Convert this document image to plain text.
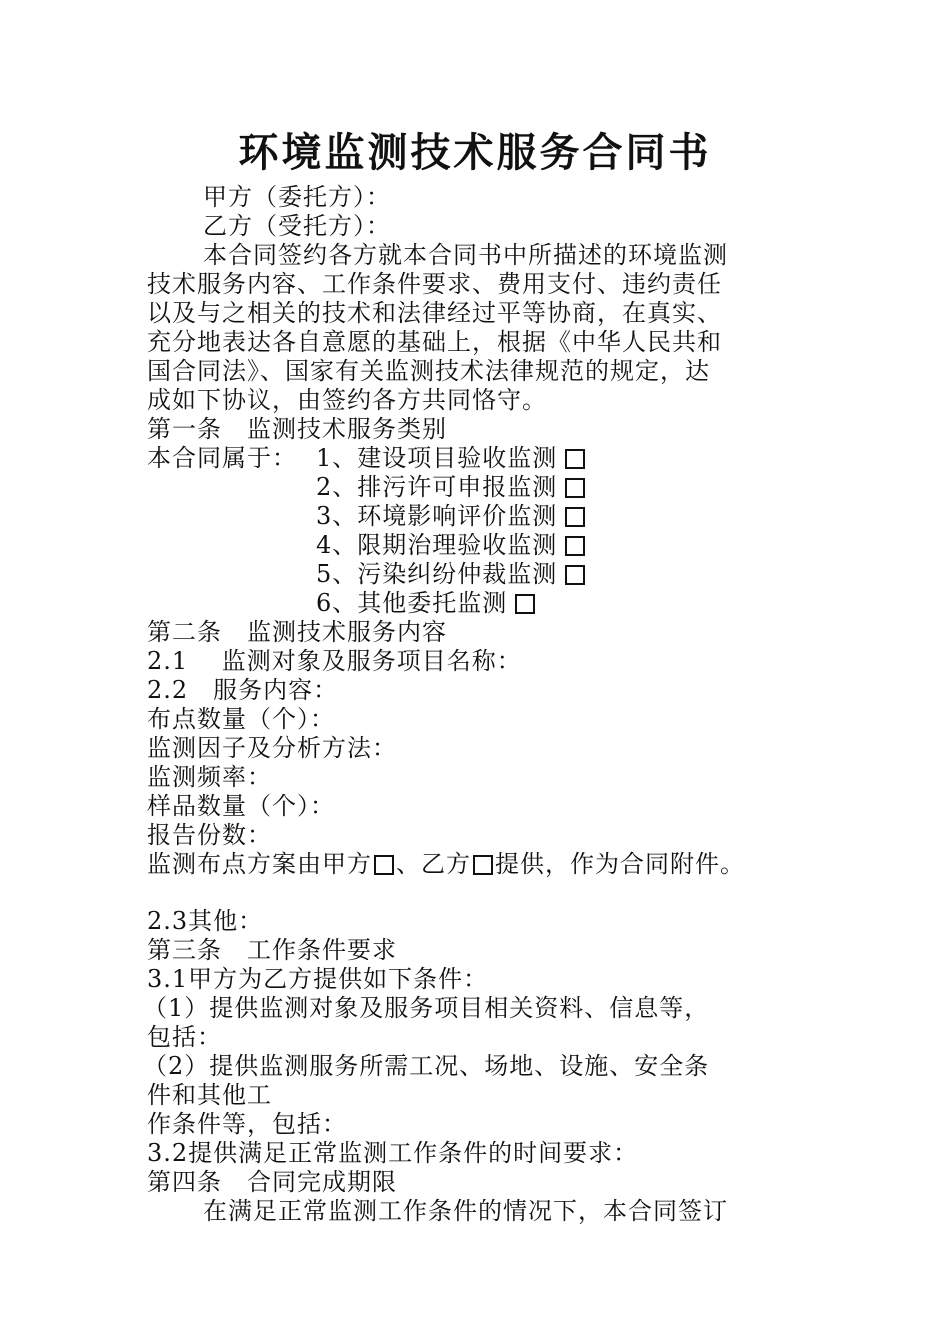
环境监测技术服务合同书
甲方（委托方）：
乙方（受托方）：
本合同签约各方就本合同书中所描述的环境监测
技术服务内容、工作条件要求、费用支付、违约责任
以及与之相关的技术和法律经过平等协商，在真实、
充分地表达各自意愿的基础上，根据《中华人民共和
国合同法》、国家有关监测技术法律规范的规定，达
成如下协议，由签约各方共同恪守。
第一条　监测技术服务类别
本合同属于： 1、建设项目验收监测
2、排污许可申报监测
3、环境影响评价监测
4、限期治理验收监测
5、污染纠纷仲裁监测
6、其他委托监测
第二条　监测技术服务内容
2.1　 监测对象及服务项目名称：
2.2　服务内容：
布点数量（个）：
监测因子及分析方法：
监测频率：
样品数量（个）：
报告份数：
监测布点方案由甲方 、乙方 提供，作为合同附件。
2.3其他：
第三条　工作条件要求
3.1甲方为乙方提供如下条件：
（1）提供监测对象及服务项目相关资料、信息等，
包括：
（2）提供监测服务所需工况、场地、设施、安全条
件和其他工
作条件等，包括：
3.2提供满足正常监测工作条件的时间要求：
第四条　合同完成期限
在满足正常监测工作条件的情况下，本合同签订
